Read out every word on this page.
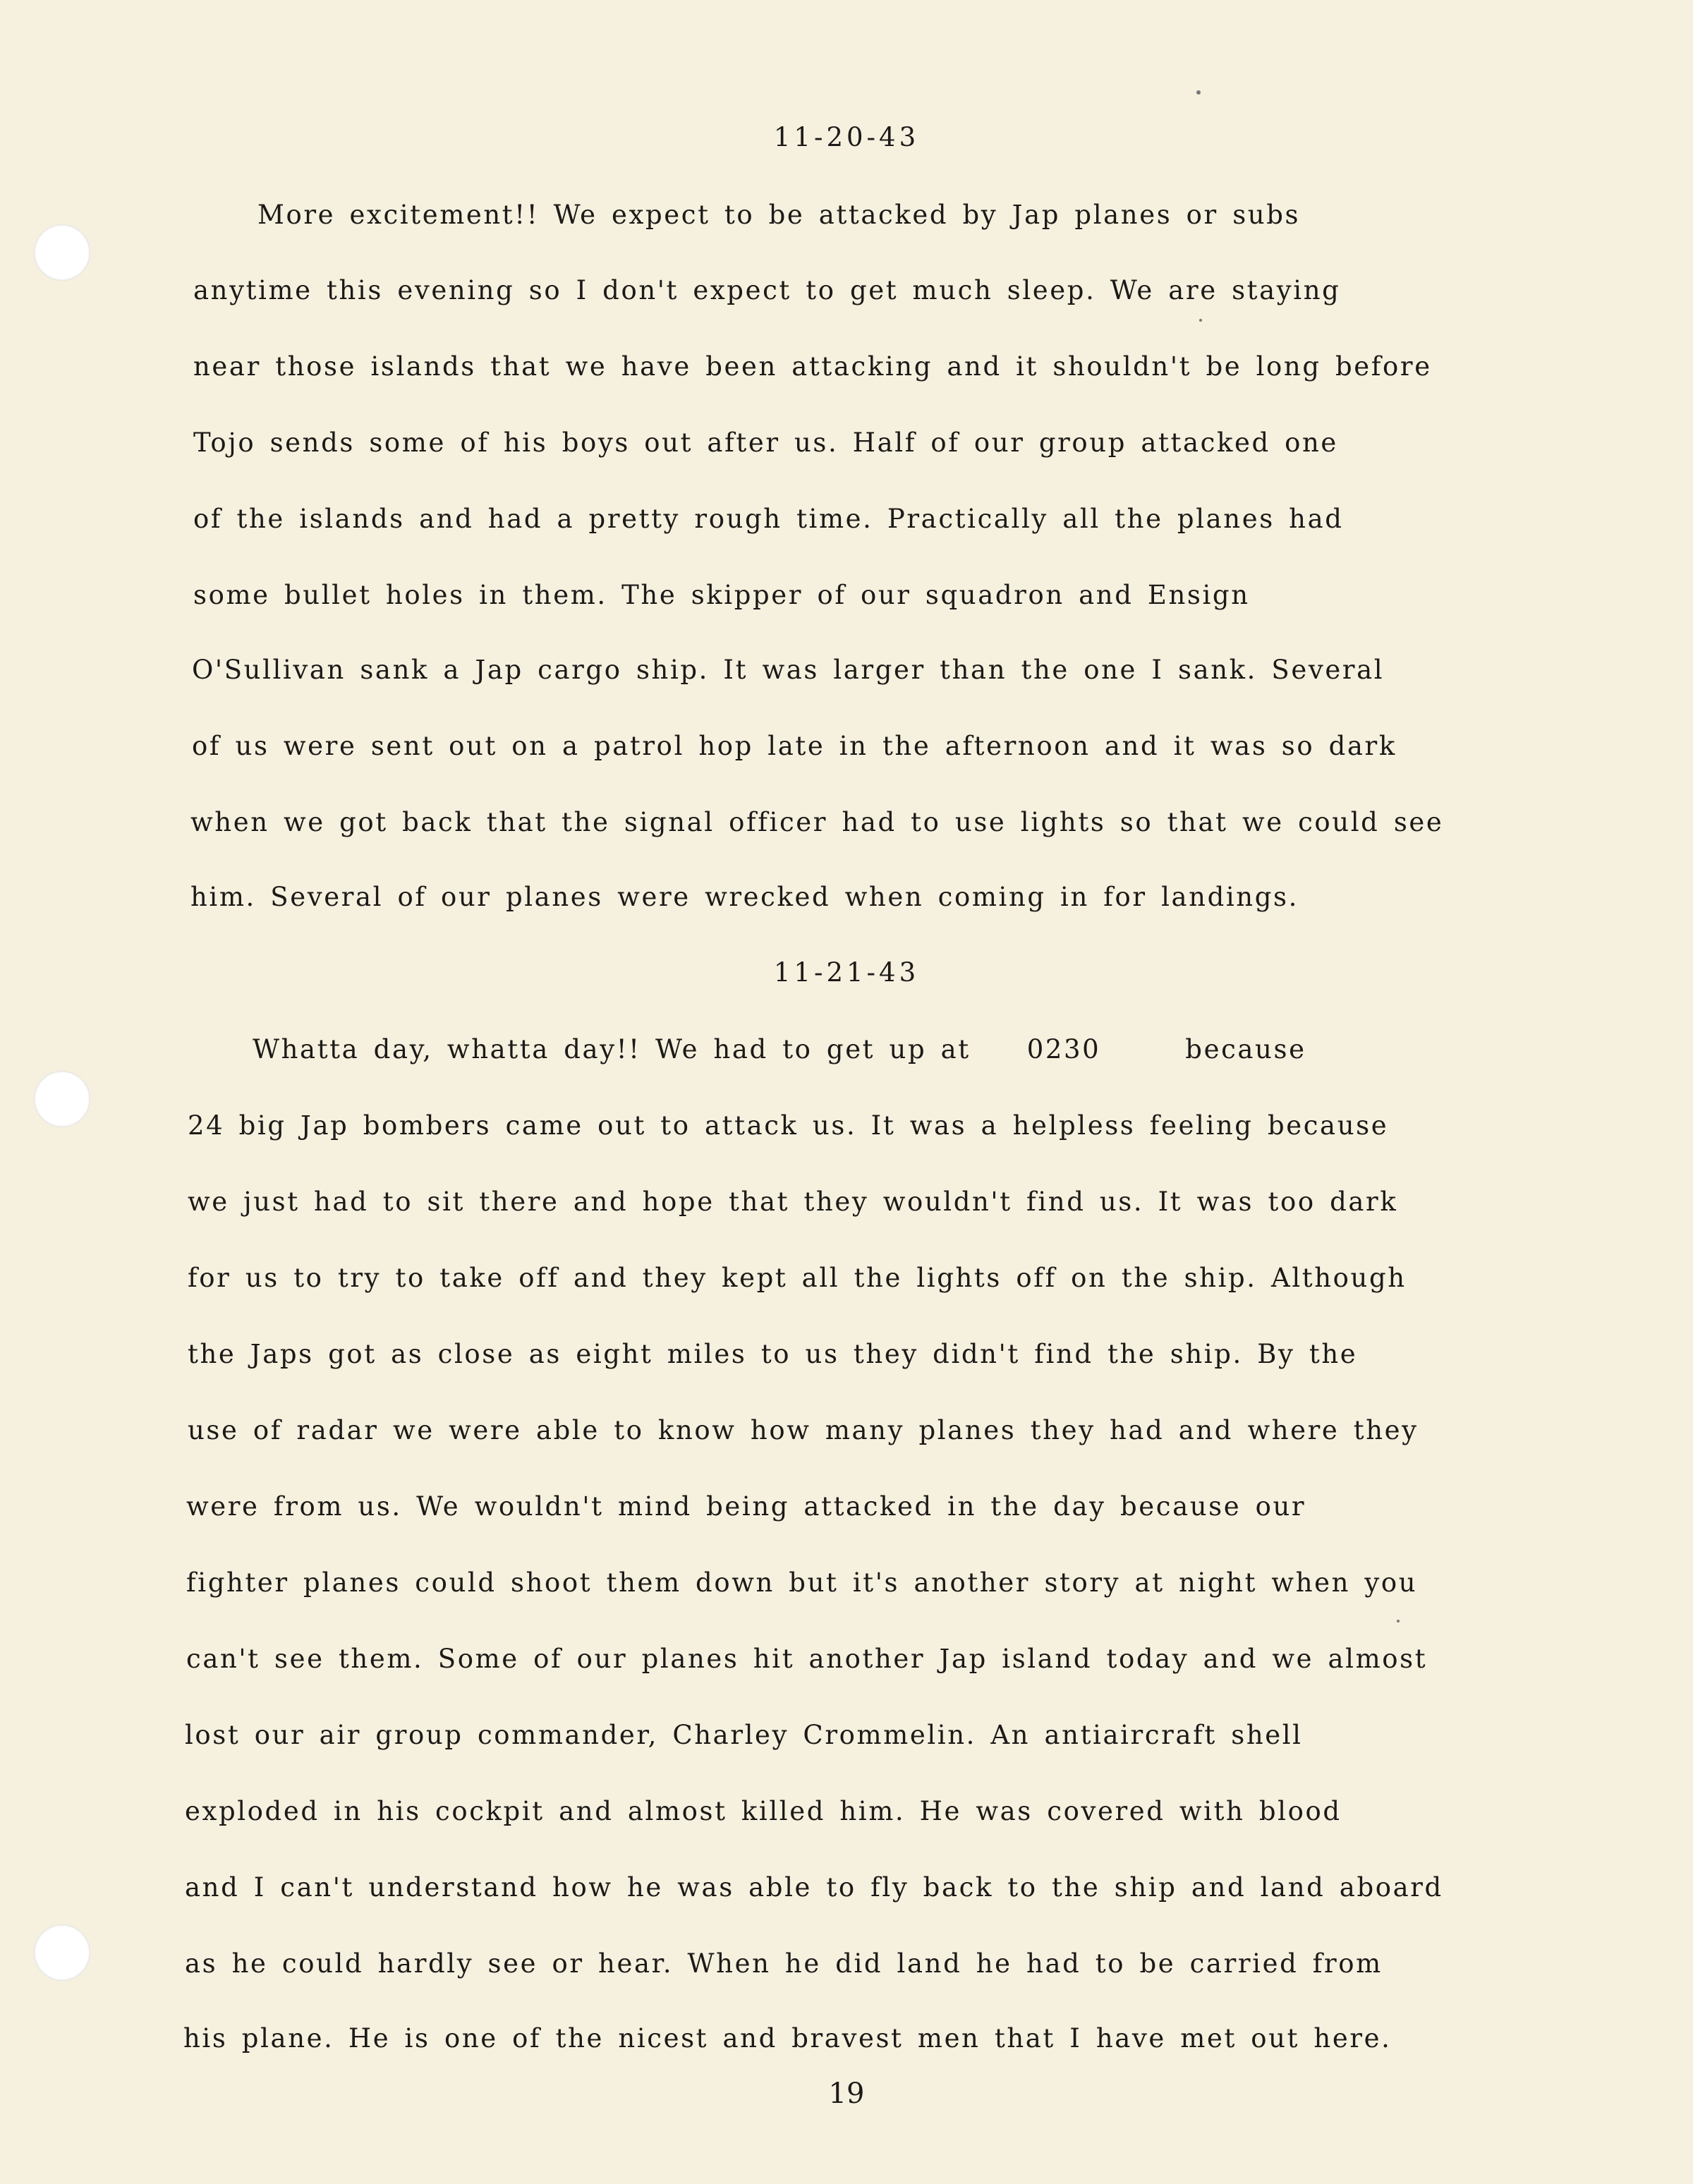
11-20-43
More excitement!! We expect to be attacked by Jap planes or subs
anytime this evening so I don't expect to get much sleep. We are staying
near those islands that we have been attacking and it shouldn't be long before
Tojo sends some of his boys out after us. Half of our group attacked one
of the islands and had a pretty rough time. Practically all the planes had
some bullet holes in them. The skipper of our squadron and Ensign
O'Sullivan sank a Jap cargo ship. It was larger than the one I sank. Several
of us were sent out on a patrol hop late in the afternoon and it was so dark
when we got back that the signal officer had to use lights so that we could see
him. Several of our planes were wrecked when coming in for landings.
11-21-43
Whatta day, whatta day!! We had to get up at 0230	because
24 big Jap bombers came out to attack us. It was a helpless feeling because
we just had to sit there and hope that they wouldn't find us. It was too dark
for us to try to take off and they kept all the lights off on the ship. Although
the Japs got as close as eight miles to us they didn't find the ship. By the
use of radar we were able to know how many planes they had and where they
were from us. We wouldn't mind being attacked in the day because our
fighter planes could shoot them down but it's another story at night when you
can't see them. Some of our planes hit another Jap island today and we almost
lost our air group commander, Charley Crommelin. An antiaircraft shell
exploded in his cockpit and almost killed him. He was covered with blood
and I can't understand how he was able to fly back to the ship and land aboard
as he could hardly see or hear. When he did land he had to be carried from
his plane. He is one of the nicest and bravest men that I have met out here.
19
